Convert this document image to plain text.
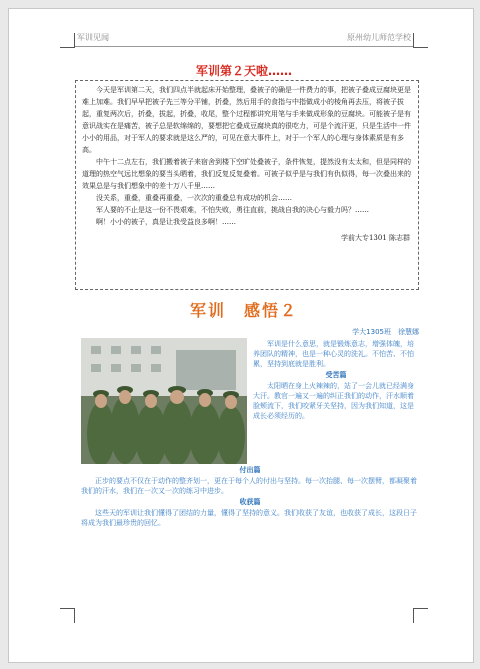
军训见闻	原州幼儿师范学校
军训第２天啦……

今天是军训第二天，我们四点半就起床开始整理，叠被子的确是一件费力的事，把被子叠成豆腐块更是难上加难。我们早早把被子先三等分平铺，折叠，然后用手的食指与中指做成小的棱角再去压，将被子拔起，重复两次后，折叠，拔起，折叠，收尾，整个过程都讲究用笔与手来做成形象的豆腐块。可能被子是有意识战实在是痛苦，被子总是软绵绵的，要想把它叠成豆腐块真的很吃力，可是个流汗更，只是生活中一件小小的用品，对于军人的要求就是这么严的，可见在意大事件上，对于一个军人的心理与身体素质是有多高。

中午十二点左右，我们搬着被子来宿舍到楼下空旷处叠被子，条件恢复，提然没有太太和，但是同样的道理的热空气远比想象的要当头晒着，我们反复反复叠着。可被子似乎是与我们有仇似得，每一次叠出来的效果总是与我们想象中的差十万八千里……

没关系，重叠，重叠再重叠，一次次的重叠总有成功的机会……

军人要的不止是这一份不畏艰难，不怕失败，勇往直前，挑战自我的决心与毅力吗？……

啊！小小的被子，真是让我受益良多啊！……

学前大专1301 陈志群
军训　感悟２
学大1305班　徐慧娜

军训是什么意思，就是锻炼意志，增强体魄，培养团队的精神，也是一种心灵的洗礼。不怕苦、不怕累，坚持到底就是胜利。

受苦篇

太阳晒在身上火辣辣的，站了一会儿就已经满身大汗。教官一遍又一遍的纠正我们的动作，汗水顺着脸颊流下，我们咬紧牙关坚持，因为我们知道，这是成长必须经历的。

付出篇

正步的要点不仅在于动作的整齐划一，更在于每个人的付出与坚持。每一次抬腿、每一次摆臂，都凝聚着我们的汗水，我们在一次又一次的练习中进步。

收获篇

这些天的军训让我们懂得了团结的力量，懂得了坚持的意义。我们收获了友谊，也收获了成长，这段日子将成为我们最珍贵的回忆。
